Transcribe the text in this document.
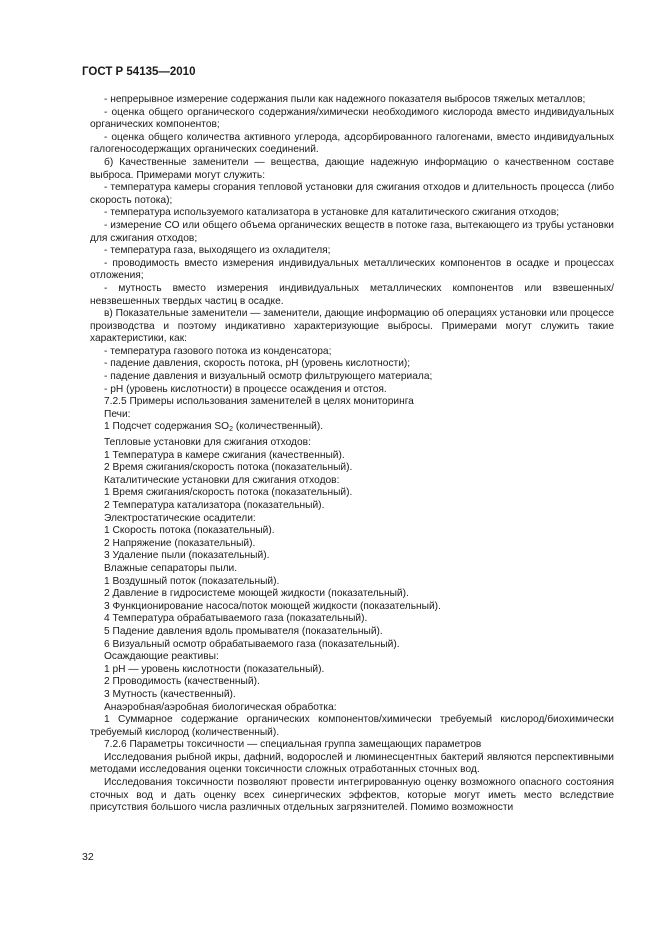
ГОСТ Р 54135—2010

- непрерывное измерение содержания пыли как надежного показателя выбросов тяжелых металлов;

- оценка общего органического содержания/химически необходимого кислорода вместо индивидуальных органических компонентов;

- оценка общего количества активного углерода, адсорбированного галогенами, вместо индивидуальных галогеносодержащих органических соединений.

б) Качественные заменители — вещества, дающие надежную информацию о качественном составе выброса. Примерами могут служить:

- температура камеры сгорания тепловой установки для сжигания отходов и длительность процесса (либо скорость потока);

- температура используемого катализатора в установке для каталитического сжигания отходов;

- измерение СО или общего объема органических веществ в потоке газа, вытекающего из трубы установки для сжигания отходов;

- температура газа, выходящего из охладителя;

- проводимость вместо измерения индивидуальных металлических компонентов в осадке и процессах отложения;

- мутность вместо измерения индивидуальных металлических компонентов или взвешенных/невзвешенных твердых частиц в осадке.

в) Показательные заменители — заменители, дающие информацию об операциях установки или процессе производства и поэтому индикативно характеризующие выбросы. Примерами могут служить такие характеристики, как:

- температура газового потока из конденсатора;

- падение давления, скорость потока, рН (уровень кислотности);

- падение давления и визуальный осмотр фильтрующего материала;

- рН (уровень кислотности) в процессе осаждения и отстоя.

7.2.5 Примеры использования заменителей в целях мониторинга

Печи:

1 Подсчет содержания $SO_2$ (количественный).

Тепловые установки для сжигания отходов:

1 Температура в камере сжигания (качественный).

2 Время сжигания/скорость потока (показательный).

Каталитические установки для сжигания отходов:

1 Время сжигания/скорость потока (показательный).

2 Температура катализатора (показательный).

Электростатические осадители:

1 Скорость потока (показательный).

2 Напряжение (показательный).

3 Удаление пыли (показательный).

Влажные сепараторы пыли.

1 Воздушный поток (показательный).

2 Давление в гидросистеме моющей жидкости (показательный).

3 Функционирование насоса/поток моющей жидкости (показательный).

4 Температура обрабатываемого газа (показательный).

5 Падение давления вдоль промывателя (показательный).

6 Визуальный осмотр обрабатываемого газа (показательный).

Осаждающие реактивы:

1 рН — уровень кислотности (показательный).

2 Проводимость (качественный).

3 Мутность (качественный).

Анаэробная/аэробная биологическая обработка:

1 Суммарное содержание органических компонентов/химически требуемый кислород/биохимически требуемый кислород (количественный).

7.2.6 Параметры токсичности — специальная группа замещающих параметров

Исследования рыбной икры, дафний, водорослей и люминесцентных бактерий являются перспективными методами исследования оценки токсичности сложных отработанных сточных вод.

Исследования токсичности позволяют провести интегрированную оценку возможного опасного состояния сточных вод и дать оценку всех синергических эффектов, которые могут иметь место вследствие присутствия большого числа различных отдельных загрязнителей. Помимо возможности

32
